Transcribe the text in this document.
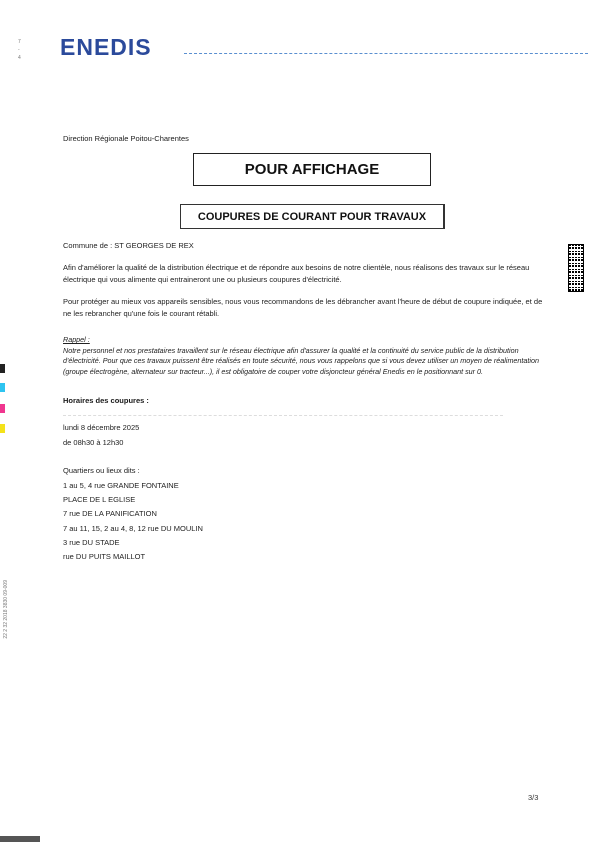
ENEDIS
7
-
4
Direction Régionale Poitou-Charentes
POUR AFFICHAGE
COUPURES DE COURANT POUR TRAVAUX
Commune de : ST GEORGES DE REX
Afin d'améliorer la qualité de la distribution électrique et de répondre aux besoins de notre clientèle, nous réalisons des travaux sur le réseau électrique qui vous alimente qui entraineront une ou plusieurs coupures d'électricité.
Pour protéger au mieux vos appareils sensibles, nous vous recommandons de les débrancher avant l'heure de début de coupure indiquée, et de ne les rebrancher qu'une fois le courant rétabli.
Rappel :
Notre personnel et nos prestataires travaillent sur le réseau électrique afin d'assurer la qualité et la continuité du service public de la distribution d'électricité. Pour que ces travaux puissent être réalisés en toute sécurité, nous vous rappelons que si vous devez utiliser un moyen de réalimentation (groupe électrogène, alternateur sur tracteur...), il est obligatoire de couper votre disjoncteur général Enedis en le positionnant sur 0.
Horaires des coupures :
lundi 8 décembre 2025
de 08h30 à 12h30
Quartiers ou lieux dits :
1 au 5, 4 rue GRANDE FONTAINE
PLACE DE L EGLISE
7 rue DE LA PANIFICATION
7 au 11, 15, 2 au 4, 8, 12 rue DU MOULIN
3 rue DU STADE
rue DU PUITS MAILLOT
3/3
22 2 32 2018 3830 09-009
